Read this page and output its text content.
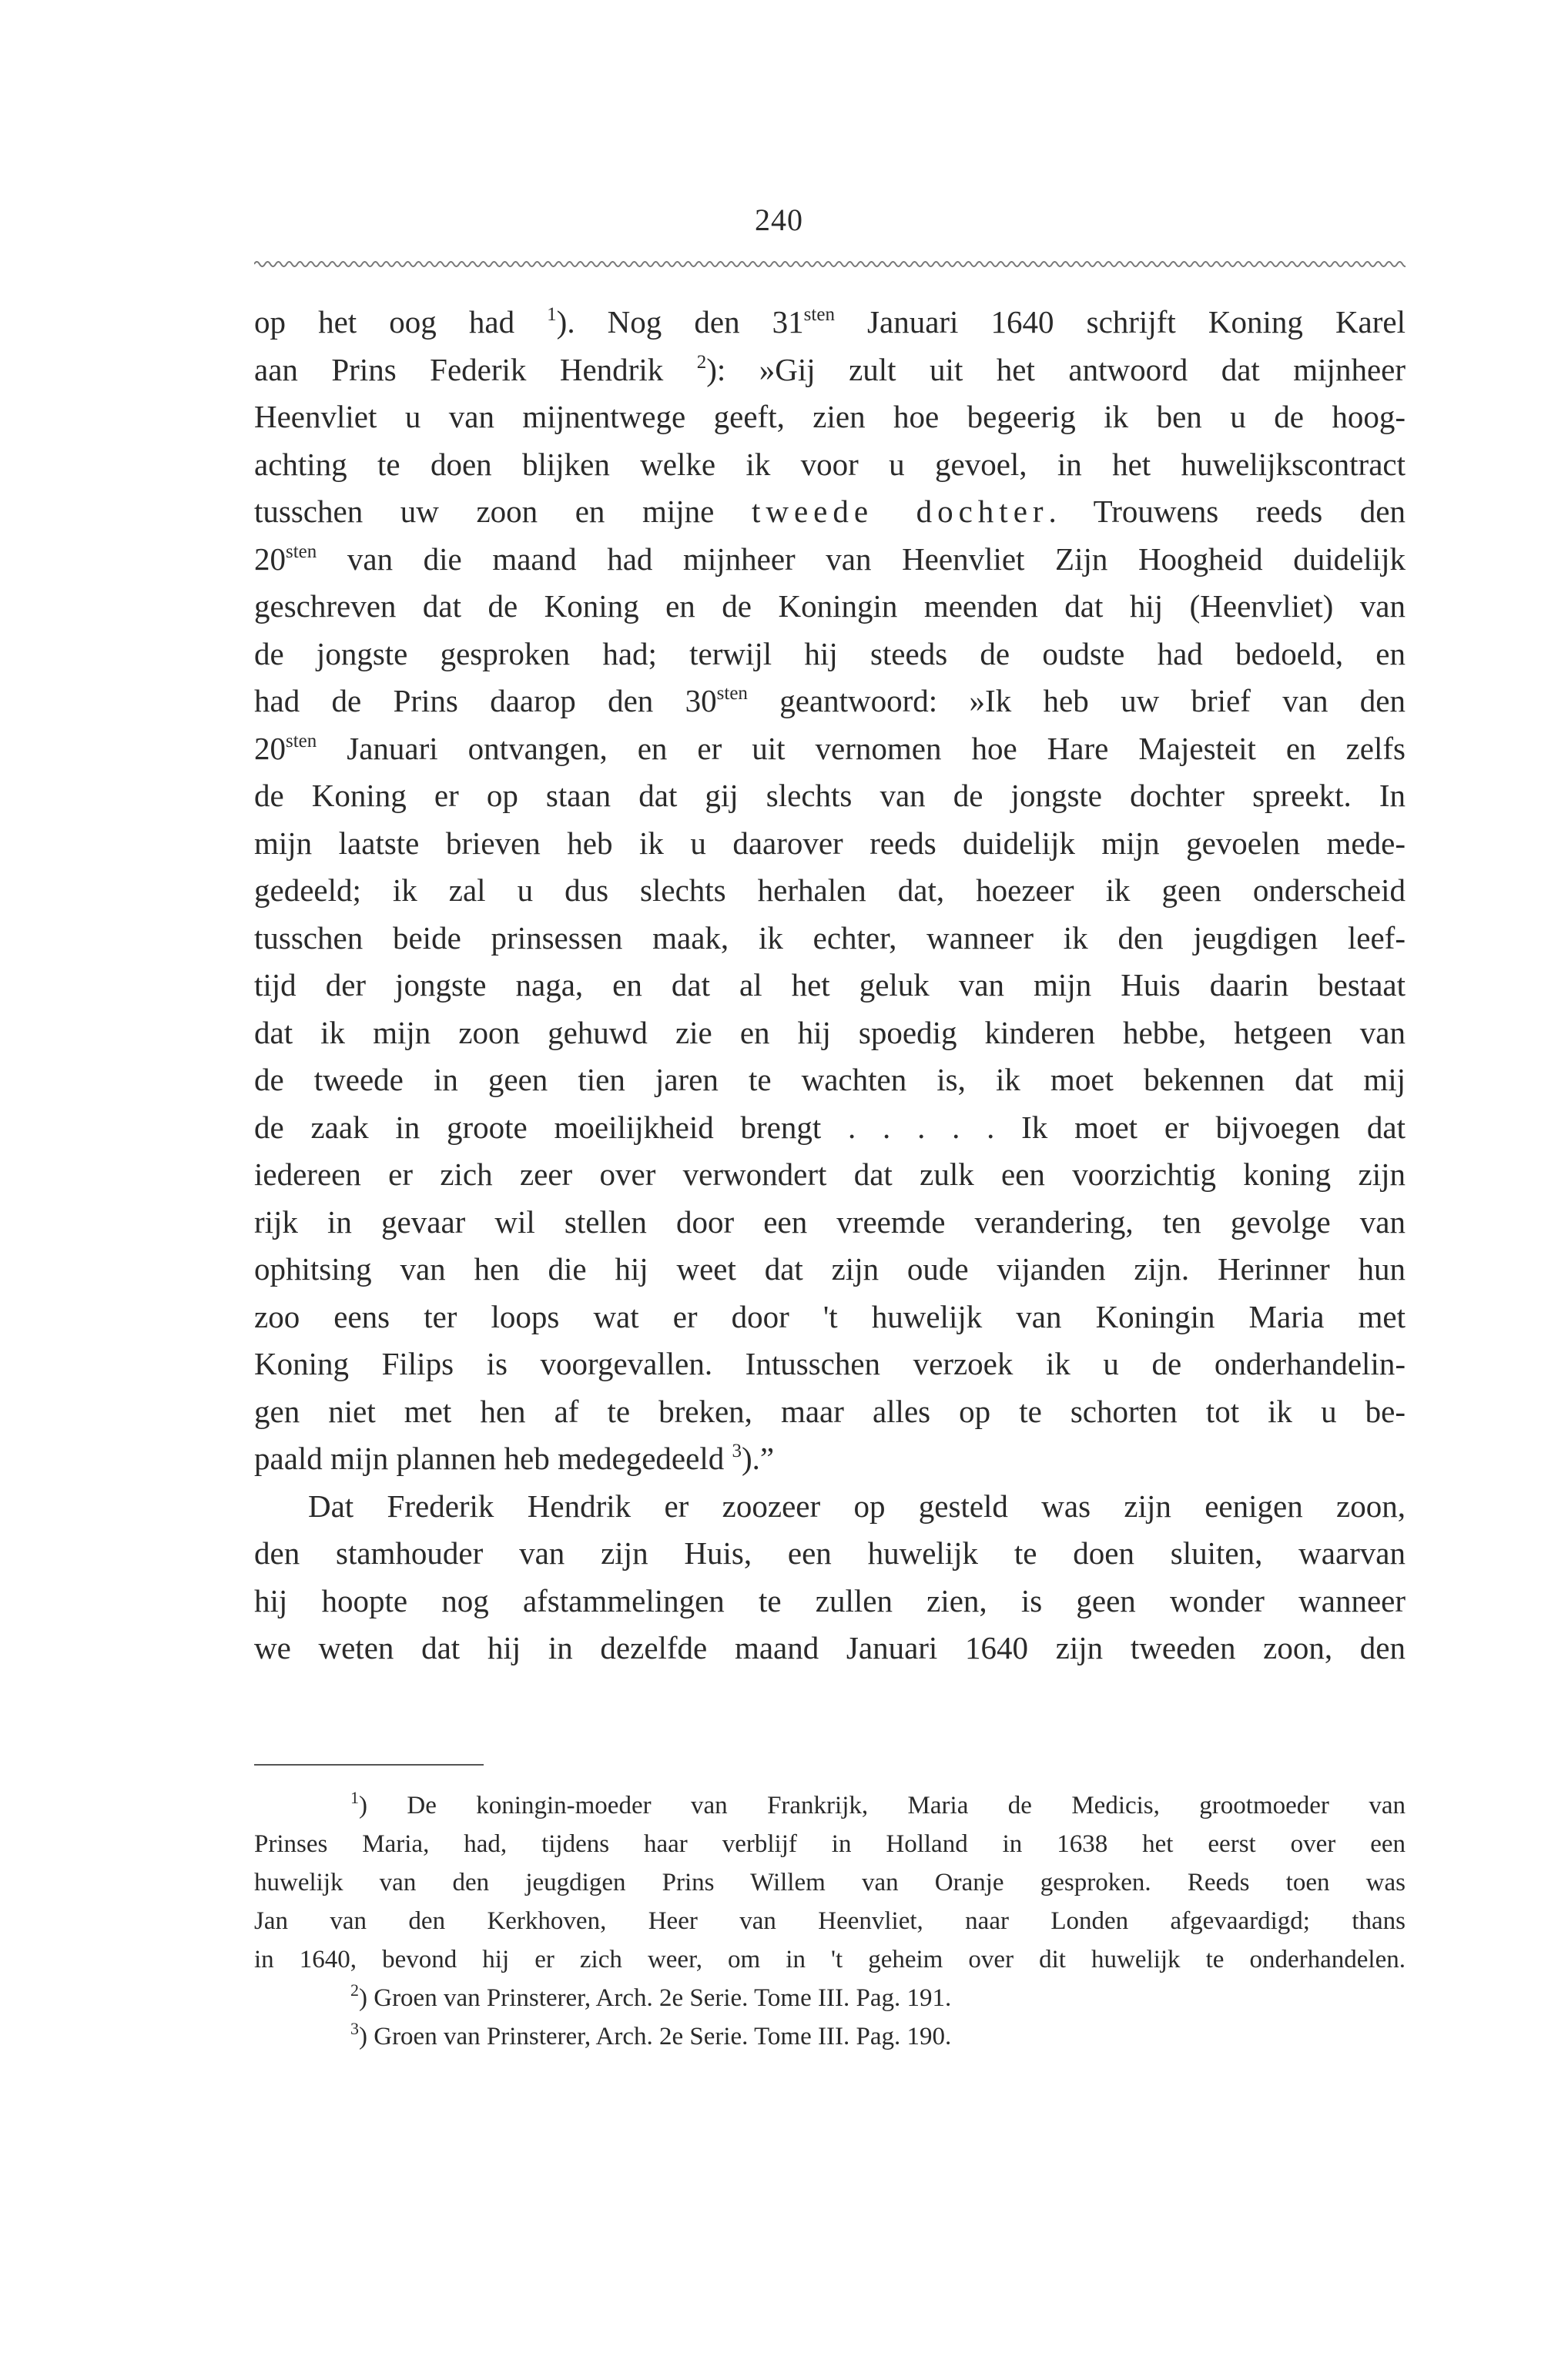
240
op het oog had $^1$). Nog den $31^{sten}$ Januari 1640 schrijft Koning Karel
aan Prins Federik Hendrik $^2$): »Gij zult uit het antwoord dat mijnheer
Heenvliet u van mijnentwege geeft, zien hoe begeerig ik ben u de hoog-
achting te doen blijken welke ik voor u gevoel, in het huwelijkscontract
tusschen uw zoon en mijne tweede dochter. Trouwens reeds den
$20^{sten}$ van die maand had mijnheer van Heenvliet Zijn Hoogheid duidelijk
geschreven dat de Koning en de Koningin meenden dat hij (Heenvliet) van
de jongste gesproken had; terwijl hij steeds de oudste had bedoeld, en
had de Prins daarop den $30^{sten}$ geantwoord: »Ik heb uw brief van den
$20^{sten}$ Januari ontvangen, en er uit vernomen hoe Hare Majesteit en zelfs
de Koning er op staan dat gij slechts van de jongste dochter spreekt. In
mijn laatste brieven heb ik u daarover reeds duidelijk mijn gevoelen mede-
gedeeld; ik zal u dus slechts herhalen dat, hoezeer ik geen onderscheid
tusschen beide prinsessen maak, ik echter, wanneer ik den jeugdigen leef-
tijd der jongste naga, en dat al het geluk van mijn Huis daarin bestaat
dat ik mijn zoon gehuwd zie en hij spoedig kinderen hebbe, hetgeen van
de tweede in geen tien jaren te wachten is, ik moet bekennen dat mij
de zaak in groote moeilijkheid brengt . . . . . Ik moet er bijvoegen dat
iedereen er zich zeer over verwondert dat zulk een voorzichtig koning zijn
rijk in gevaar wil stellen door een vreemde verandering, ten gevolge van
ophitsing van hen die hij weet dat zijn oude vijanden zijn. Herinner hun
zoo eens ter loops wat er door 't huwelijk van Koningin Maria met
Koning Filips is voorgevallen. Intusschen verzoek ik u de onderhandelin-
gen niet met hen af te breken, maar alles op te schorten tot ik u be-
paald mijn plannen heb medegedeeld $^3$).”
Dat Frederik Hendrik er zoozeer op gesteld was zijn eenigen zoon,
den stamhouder van zijn Huis, een huwelijk te doen sluiten, waarvan
hij hoopte nog afstammelingen te zullen zien, is geen wonder wanneer
we weten dat hij in dezelfde maand Januari 1640 zijn tweeden zoon, den
$^1$) De koningin-moeder van Frankrijk, Maria de Medicis, grootmoeder van
Prinses Maria, had, tijdens haar verblijf in Holland in 1638 het eerst over een
huwelijk van den jeugdigen Prins Willem van Oranje gesproken. Reeds toen was
Jan van den Kerkhoven, Heer van Heenvliet, naar Londen afgevaardigd; thans
in 1640, bevond hij er zich weer, om in 't geheim over dit huwelijk te onderhandelen.
$^2$) Groen van Prinsterer, Arch. 2e Serie. Tome III. Pag. 191.
$^3$) Groen van Prinsterer, Arch. 2e Serie. Tome III. Pag. 190.
